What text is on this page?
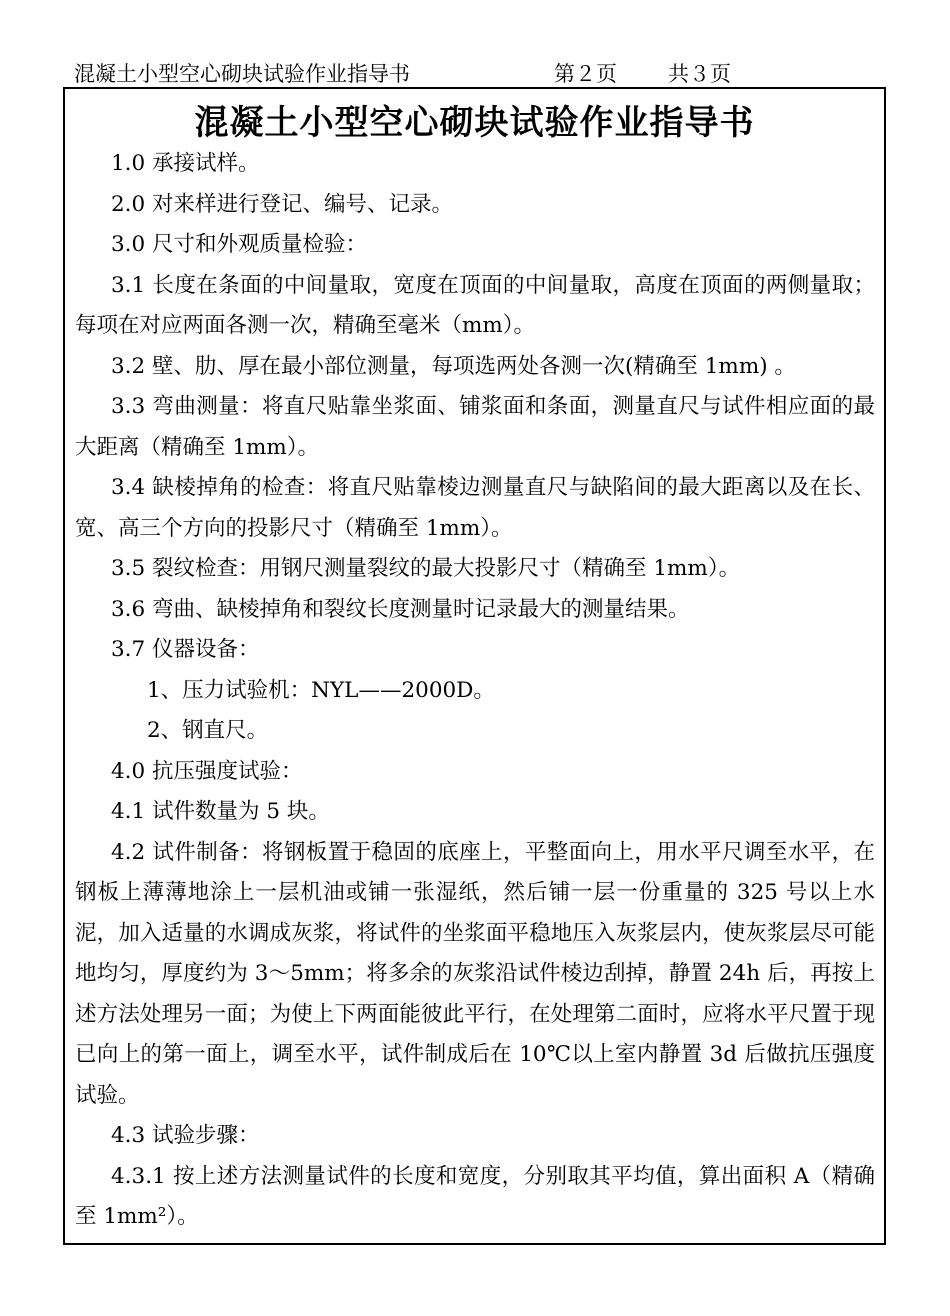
混凝土小型空心砌块试验作业指导书	第２页 共３页
混凝土小型空心砌块试验作业指导书

1.0 承接试样。

2.0 对来样进行登记、编号、记录。

3.0 尺寸和外观质量检验：

3.1 长度在条面的中间量取，宽度在顶面的中间量取，高度在顶面的两侧量取；每项在对应两面各测一次，精确至毫米（mm）。

3.2 壁、肋、厚在最小部位测量，每项选两处各测一次(精确至 1mm) 。

3.3 弯曲测量：将直尺贴靠坐浆面、铺浆面和条面，测量直尺与试件相应面的最大距离（精确至 1mm）。

3.4 缺棱掉角的检查：将直尺贴靠棱边测量直尺与缺陷间的最大距离以及在长、宽、高三个方向的投影尺寸（精确至 1mm）。

3.5 裂纹检查：用钢尺测量裂纹的最大投影尺寸（精确至 1mm）。

3.6 弯曲、缺棱掉角和裂纹长度测量时记录最大的测量结果。

3.7 仪器设备：

1、压力试验机：NYL——2000D。

2、钢直尺。

4.0 抗压强度试验：

4.1 试件数量为 5 块。

4.2 试件制备：将钢板置于稳固的底座上，平整面向上，用水平尺调至水平，在钢板上薄薄地涂上一层机油或铺一张湿纸，然后铺一层一份重量的 325 号以上水泥，加入适量的水调成灰浆，将试件的坐浆面平稳地压入灰浆层内，使灰浆层尽可能地均匀，厚度约为 3～5mm；将多余的灰浆沿试件棱边刮掉，静置 24h 后，再按上述方法处理另一面；为使上下两面能彼此平行，在处理第二面时，应将水平尺置于现已向上的第一面上，调至水平，试件制成后在 10℃以上室内静置 3d 后做抗压强度试验。

4.3 试验步骤：

4.3.1 按上述方法测量试件的长度和宽度，分别取其平均值，算出面积 A（精确至 1mm²）。
